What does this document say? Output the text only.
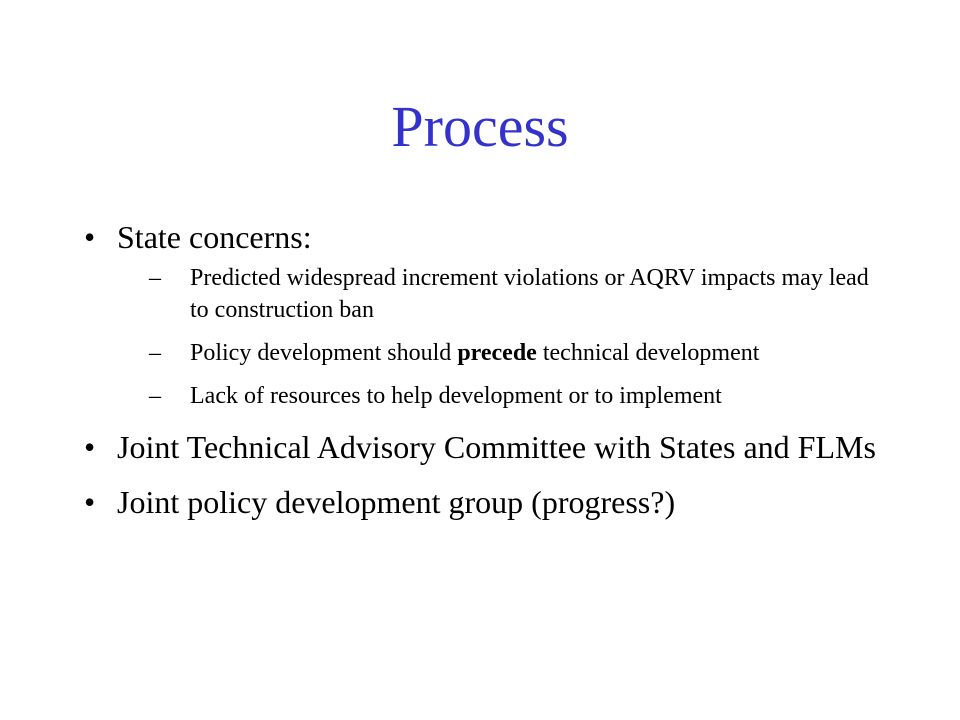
Process
• State concerns:
– Predicted widespread increment violations or AQRV impacts may lead to construction ban
– Policy development should precede technical development
– Lack of resources to help development or to implement
• Joint Technical Advisory Committee with States and FLMs
• Joint policy development group (progress?)
